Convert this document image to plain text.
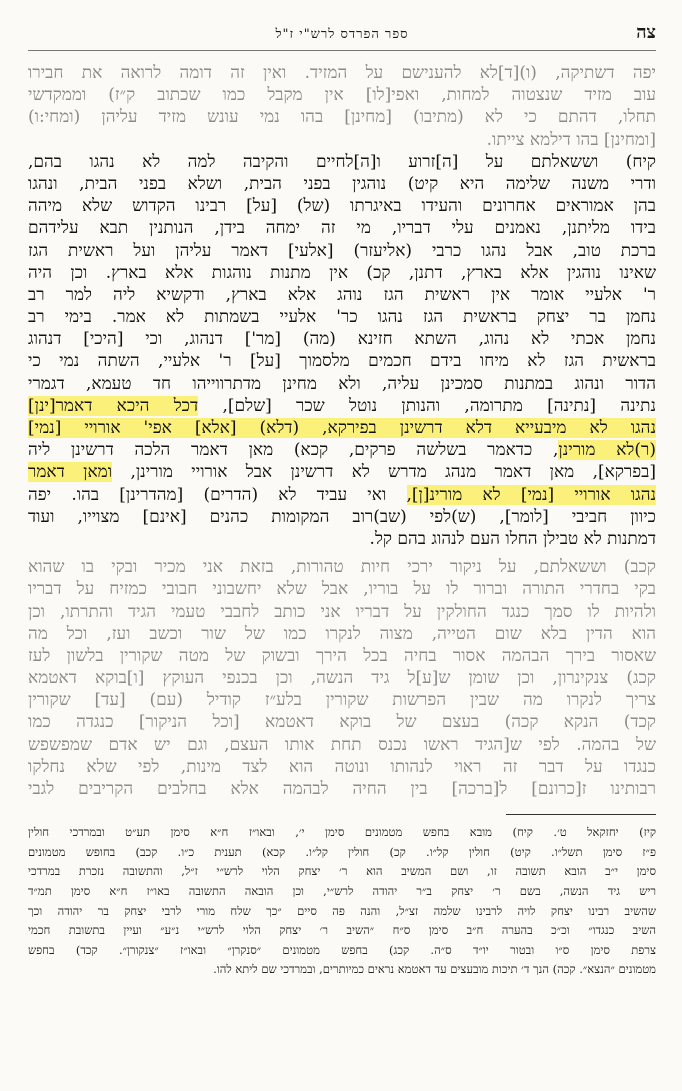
צה
ספר הפרדס לרש"י ז"ל
יפה דשתיקה, (ו)[ד]לא להענישם על המזיד. ואין זה דומה לרואה את חבירו
עוב מזיד שנצטוה למחות, ואפי[לו] אין מקבל כמו שכתוב ק״ז) וממקדשי
תחלו, דהתם כי לא (מתיבו) [מחינן] בהו נמי עונש מזיד עליהן (ומחי:ו)
[ומחינן] בהו דילמא צייתו.
קיח) וששאלתם על [ה]זרוע ו[ה]לחיים והקיבה למה לא נהגו בהם,
ודרי משנה שלימה היא קיט) נוהגין בפני הבית, ושלא בפני הבית, ונהגו
בהן אמוראים אחרונים והעידו באיגרתו (של) [על] רבינו הקדוש שלא מיהה
בידו מליתנן, נאמנים עלי דבריו, מי זה ימחה בידן, הנותנין תבא עלידהם
ברכת טוב, אבל נהגו כרבי (אליעזר) [אלעי] דאמר עליהן ועל ראשית הגז
שאינו נוהגין אלא בארץ, דתנן, קכ) אין מתנות נוהגות אלא בארץ. וכן היה
ר' אלעיי אומר אין ראשית הגז נוהג אלא בארץ, ודקשיא ליה למר רב
נחמן בר יצחק בראשית הגז נהגו כר' אלעיי בשמתות לא אמר. בימי רב
נחמן אכתי לא נהוג, השתא חזינא (מה) [מר'] דנהוג, וכי [היכי] דנהוג
בראשית הגז לא מיחו בידם חכמים מלסמוך [על] ר' אלעיי, השתה נמי כי
הדור ונהוג במתנות סמכינן עליה, ולא מחינן מדתרווייהו חד טעמא, דגמרי
נתינה [נתינה] מתרומה, והנותן נוטל שכר [שלם], דכל היכא דאמר[ינן]
נהגו לא מיבעייא דלא דרשינן בפירקא, (דלא) [אלא] אפי' אורויי [נמי]
(ר)לא מורינן, כדאמר בשלשה פרקים, קכא) מאן דאמר הלכה דרשינן ליה
[בפרקא], מאן דאמר מנהג מדרש לא דרשינן אבל אורויי מורינן, ומאן דאמר
נהגו אורויי [נמי] לא מורינ[ן], ואי עביד לא (הדרים) [מהדרינן] בהו. יפה
כיוון חביבי [לומר], (ש)לפי (שב)רוב המקומות כהנים [אינם] מצוייו, ועוד
דמתנות לא טבילן החלו העם לנהוג בהם קל.
קכב) וששאלתם, על ניקור ירכי חיות טהורות, בזאת אני מכיר ובקי בו שהוא
בקי בחדרי התורה וברור לו על בוריו, אבל שלא יחשבוני חבובי כמזיח על דבריו
ולהיות לו סמך כנגד החולקין על דבריו אני כותב לחבבי טעמי הגיד והתרתו, וכן
הוא הדין בלא שום הטייה, מצוה לנקרו כמו של שור וכשב ועז, וכל מה
שאסור בירך הבהמה אסור בחיה בכל הירך ובשוק של מטה שקורין בלשון לעז
קכג) צנקינרון, וכן שומן ש[ע]ל גיד הנשה, וכן בכנפי העוקץ [ו]בוקא דאטמא
צריך לנקרו מה שבין הפרשות שקורין בלע״ז קודיל (עם) [עד] שקורין
קכד) הנקא קכה) בעצם של בוקא דאטמא [וכל הניקור] כנגדה כמו
של בהמה. לפי ש[הגיד ראשו נכנס תחת אותו העצם, וגם יש אדם שמפשפש
כנגדו על דבר זה ראוי לנהותו ונוטה הוא לצד מינות, לפי שלא נחלקו
רבותינו ז[כרונם] ל[ברכה] בין החיה לבהמה אלא בחלבים הקריבים לגבי
קיז) יחזקאל ט׳. קיח) מובא בחפש מטמונים סימן י׳, ובאו״ז ח״א סימן תע״ט ובמרדכי חולין
פ״ז סימן תשל״ו. קיט) חולין קל״ו. קכ) חולין קל״ו. קכא) תענית כ״ו. קכב) בחופש מטמונים
סימן י״ב הובא תשובה זו, ושם המשיב הוא ר׳ יצחק הלוי לרש״י ז״ל, והתשובה נזכרת במרדכי
ריש גיד הנשה, בשם ר׳ יצחק ב״ר יהודה לרש״י, וכן הובאה התשובה באו״ז ח״א סימן תמ״ד
שהשיב רבינו יצחק לויה לרבינו שלמה זצ״ל, והנה פה סיים ״כך שלח מורי לרבי יצחק בר יהודה וכך
השיב כנגדו״ וכ״כ בהערה ח״ב סימן ס״ח ״השיב ר׳ יצחק הלוי לרש״י נ״ע״ ועיין בתשובת חכמי
צרפת סימן ס״ו ובטור יו״ד ס״ה. קכג) בחפש מטמונים ״סנקרן״ ובאו״ז ״צנקורן״. קכד) בחפש
מטמונים ״הנצא״. קכה) הנך ד׳ תיכות מובעצים עד דאטמא נראים כמיותרים, ובמרדכי שם ליתא להו.
